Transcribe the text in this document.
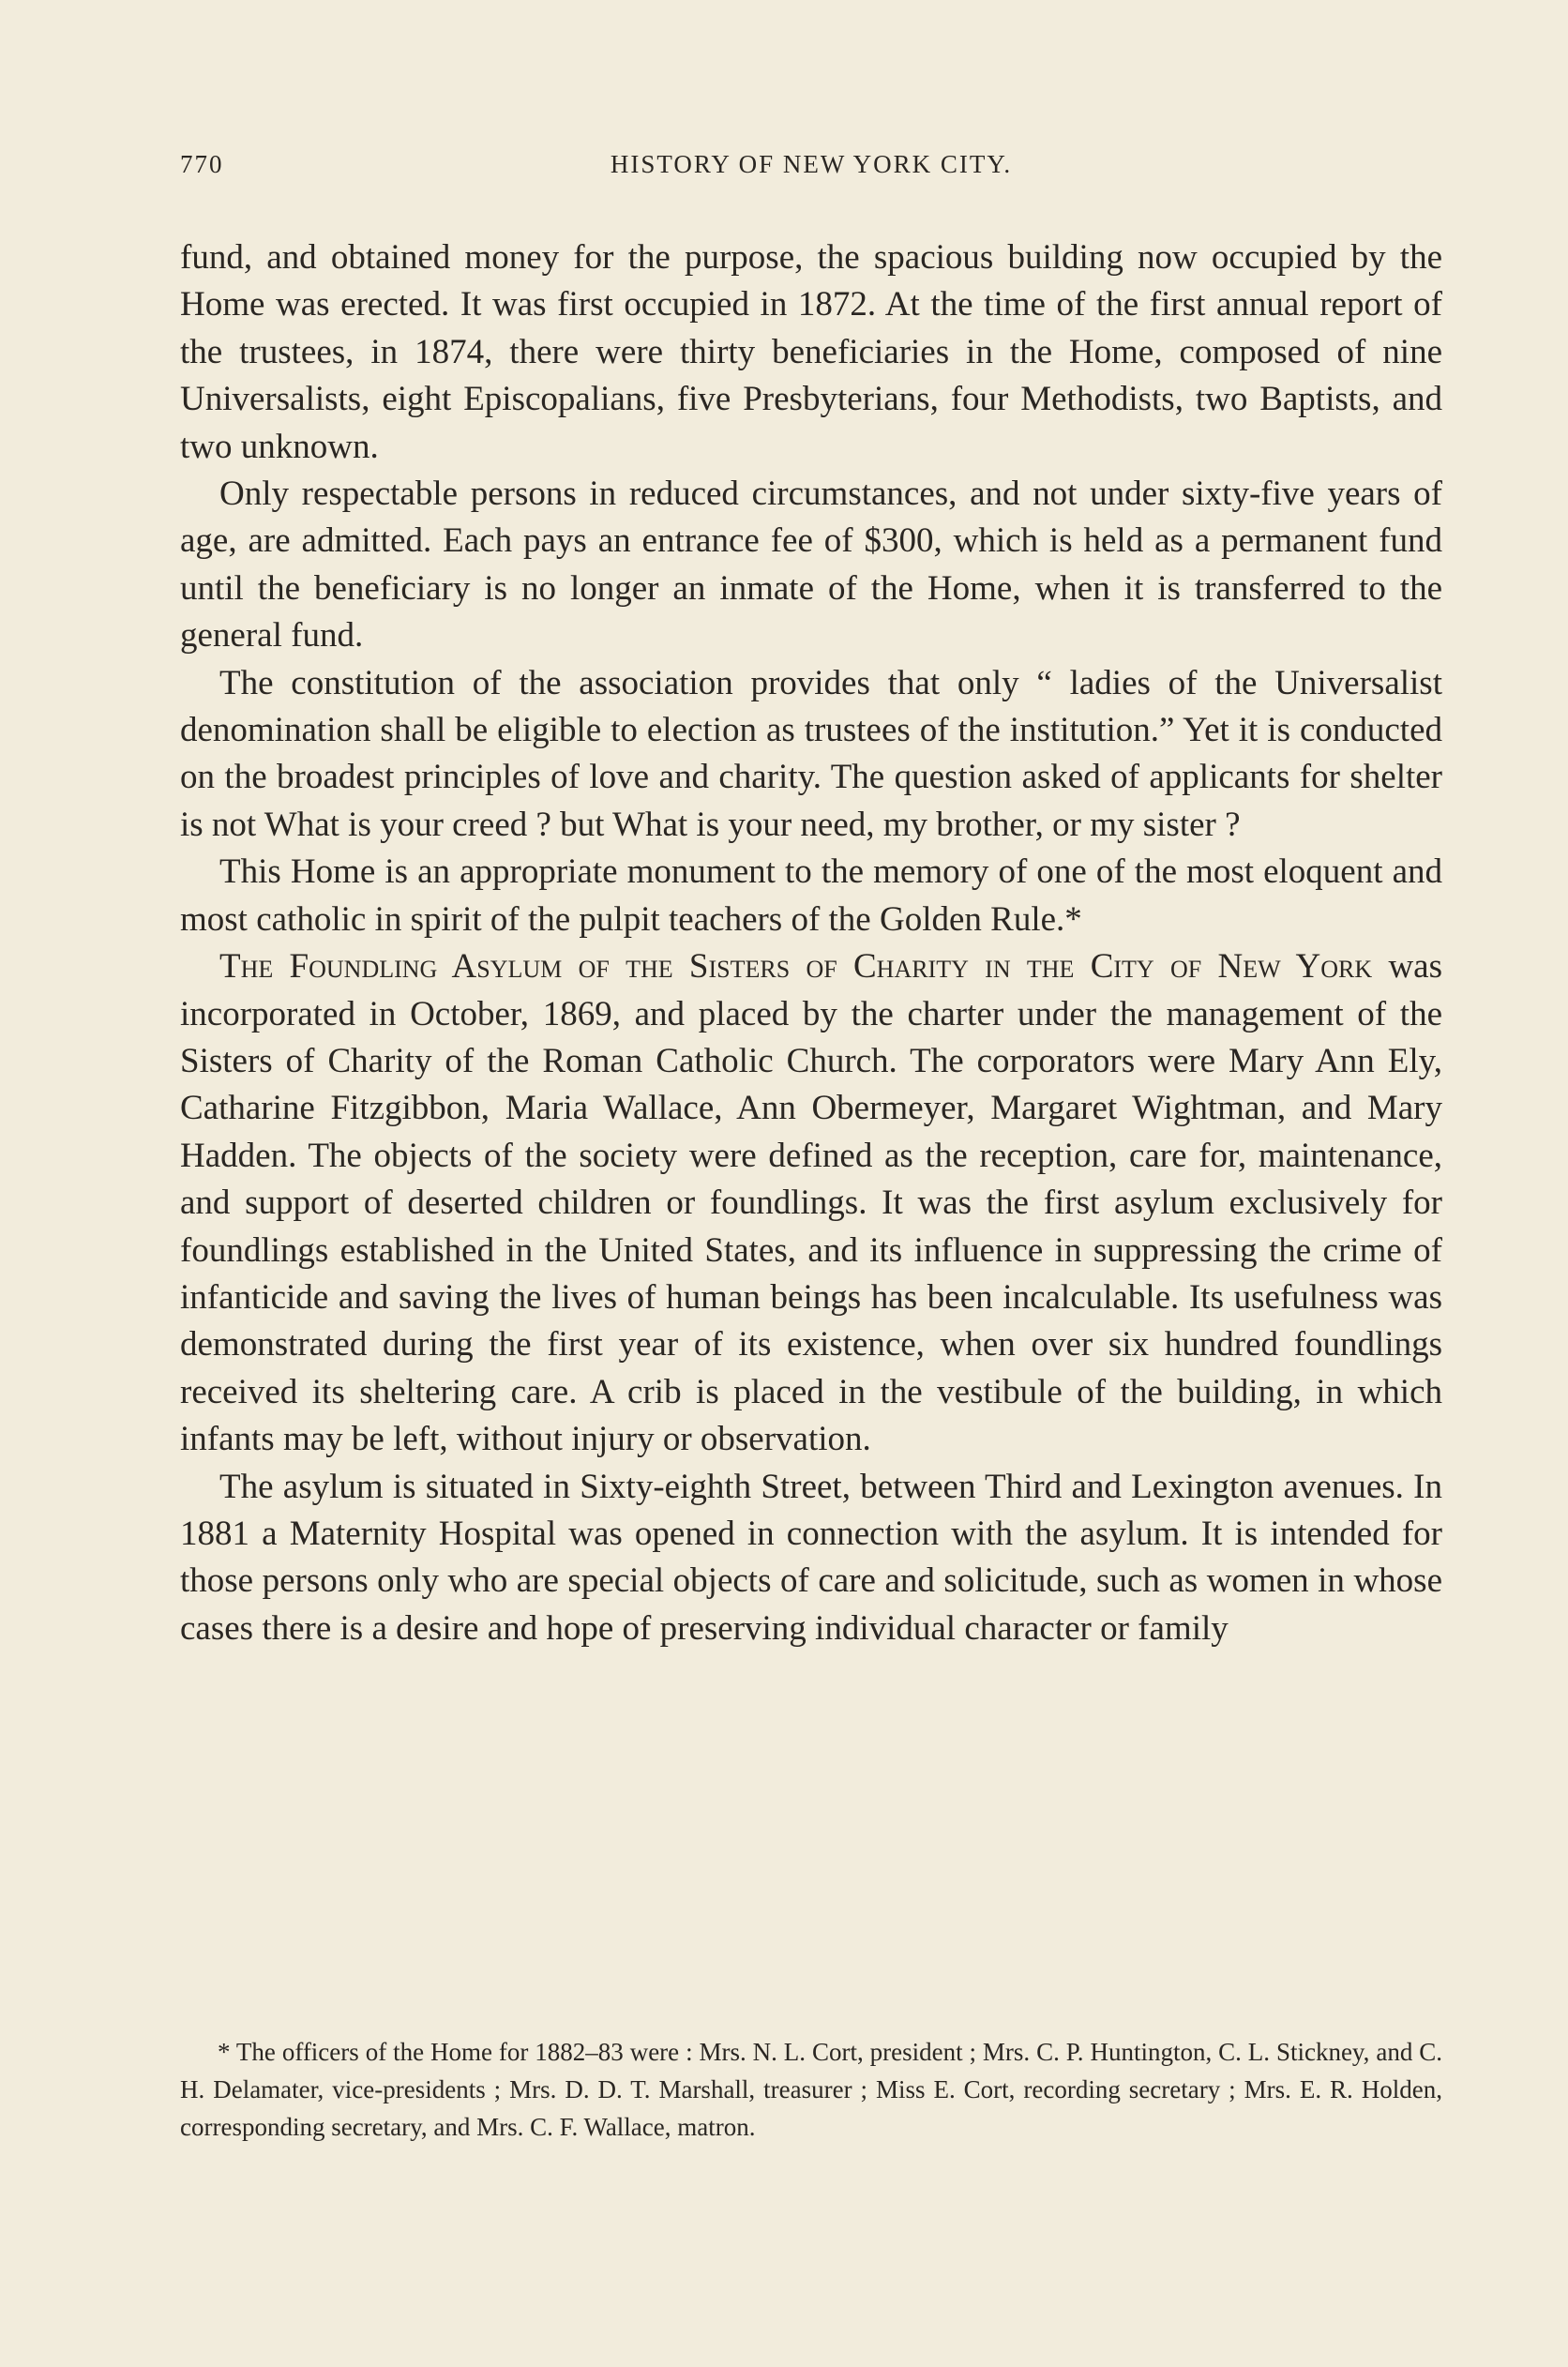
770	HISTORY OF NEW YORK CITY.

fund, and obtained money for the purpose, the spacious building now occupied by the Home was erected. It was first occupied in 1872. At the time of the first annual report of the trustees, in 1874, there were thirty beneficiaries in the Home, composed of nine Universalists, eight Episcopalians, five Presbyterians, four Methodists, two Baptists, and two unknown.

Only respectable persons in reduced circumstances, and not under sixty-five years of age, are admitted. Each pays an entrance fee of $300, which is held as a permanent fund until the beneficiary is no longer an inmate of the Home, when it is transferred to the general fund.

The constitution of the association provides that only “ ladies of the Universalist denomination shall be eligible to election as trustees of the institution.” Yet it is conducted on the broadest principles of love and charity. The question asked of applicants for shelter is not What is your creed ? but What is your need, my brother, or my sister ?

This Home is an appropriate monument to the memory of one of the most eloquent and most catholic in spirit of the pulpit teachers of the Golden Rule.*

The Foundling Asylum of the Sisters of Charity in the City of New York was incorporated in October, 1869, and placed by the charter under the management of the Sisters of Charity of the Roman Catholic Church. The corporators were Mary Ann Ely, Catharine Fitzgibbon, Maria Wallace, Ann Obermeyer, Margaret Wightman, and Mary Hadden. The objects of the society were defined as the reception, care for, maintenance, and support of deserted children or foundlings. It was the first asylum exclusively for foundlings established in the United States, and its influence in suppressing the crime of infanticide and saving the lives of human beings has been incalculable. Its usefulness was demonstrated during the first year of its existence, when over six hundred foundlings received its sheltering care. A crib is placed in the vestibule of the building, in which infants may be left, without injury or observation.

The asylum is situated in Sixty-eighth Street, between Third and Lexington avenues. In 1881 a Maternity Hospital was opened in connection with the asylum. It is intended for those persons only who are special objects of care and solicitude, such as women in whose cases there is a desire and hope of preserving individual character or family

* The officers of the Home for 1882–83 were : Mrs. N. L. Cort, president ; Mrs. C. P. Huntington, C. L. Stickney, and C. H. Delamater, vice-presidents ; Mrs. D. D. T. Marshall, treasurer ; Miss E. Cort, recording secretary ; Mrs. E. R. Holden, corresponding secretary, and Mrs. C. F. Wallace, matron.
